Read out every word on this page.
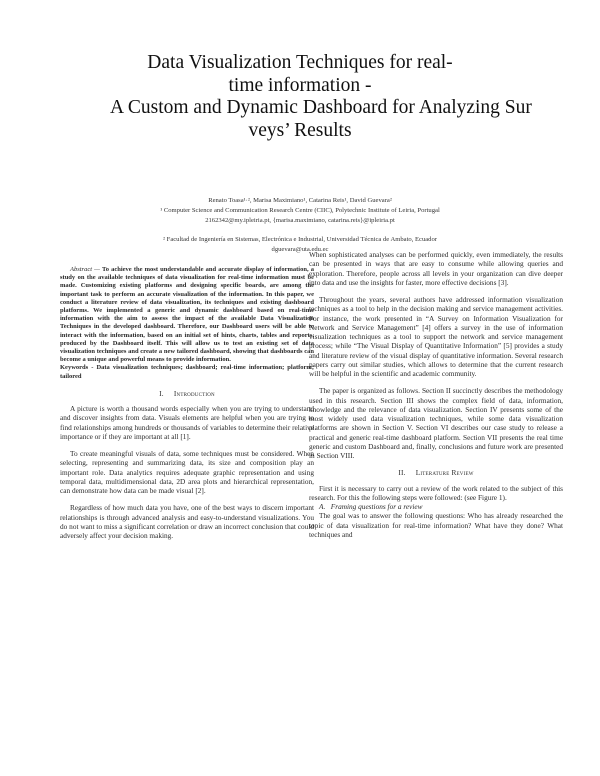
Data Visualization Techniques for real-
time information -
A Custom and Dynamic Dashboard for Analyzing Sur
veys’ Results
Renato Toasa¹·², Marisa Maximiano¹, Catarina Reis¹, David Guevara²
¹ Computer Science and Communication Research Centre (CIIC), Polytechnic Institute of Leiria, Portugal
2162342@my.ipleiria.pt, {marisa.maximiano, catarina.reis}@ipleiria.pt
² Facultad de Ingeniería en Sistemas, Electrónica e Industrial, Universidad Técnica de Ambato, Ecuador
dguevara@uta.edu.ec

Abstract — To achieve the most understandable and accurate display of information, a study on the available techniques of data visualization for real-time information must be made. Customizing existing platforms and designing specific boards, are among the important task to perform an accurate visualization of the information. In this paper, we conduct a literature review of data visualization, its techniques and existing dashboard platforms. We implemented a generic and dynamic dashboard based on real-time information with the aim to assess the impact of the available Data Visualization Techniques in the developed dashboard. Therefore, our Dashboard users will be able to interact with the information, based on an initial set of hints, charts, tables and reports, produced by the Dashboard itself. This will allow us to test an existing set of data visualization techniques and create a new tailored dashboard, showing that dashboards can become a unique and powerful means to provide information.

Keywords - Data visualization techniques; dashboard; real-time information; platform; tailored

I. Introduction

A picture is worth a thousand words especially when you are trying to understand and discover insights from data. Visuals elements are helpful when you are trying to find relationships among hundreds or thousands of variables to determine their relative importance or if they are important at all [1].

To create meaningful visuals of data, some techniques must be considered. When selecting, representing and summarizing data, its size and composition play an important role. Data analytics requires adequate graphic representation and using temporal data, multidimensional data, 2D area plots and hierarchical representation, can demonstrate how data can be made visual [2].

Regardless of how much data you have, one of the best ways to discern important relationships is through advanced analysis and easy-to-understand visualizations. You do not want to miss a significant correlation or draw an incorrect conclusion that could adversely affect your decision making.

When sophisticated analyses can be performed quickly, even immediately, the results can be presented in ways that are easy to consume while allowing queries and exploration. Therefore, people across all levels in your organization can dive deeper into data and use the insights for faster, more effective decisions [3].

Throughout the years, several authors have addressed information visualization techniques as a tool to help in the decision making and service management activities. For instance, the work presented in “A Survey on Information Visualization for Network and Service Management” [4] offers a survey in the use of information visualization techniques as a tool to support the network and service management process; while “The Visual Display of Quantitative Information” [5] provides a study and literature review of the visual display of quantitative information. Several research papers carry out similar studies, which allows to determine that the current research will be helpful in the scientific and academic community.

The paper is organized as follows. Section II succinctly describes the methodology used in this research. Section III shows the complex field of data, information, knowledge and the relevance of data visualization. Section IV presents some of the most widely used data visualization techniques, while some data visualization platforms are shown in Section V. Section VI describes our case study to release a practical and generic real-time dashboard platform. Section VII presents the real time generic and custom Dashboard and, finally, conclusions and future work are presented in Section VIII.

II. Literature Review

First it is necessary to carry out a review of the work related to the subject of this research. For this the following steps were followed: (see Figure 1).

A. Framing questions for a review

The goal was to answer the following questions: Who has already researched the topic of data visualization for real-time information? What have they done? What techniques and
